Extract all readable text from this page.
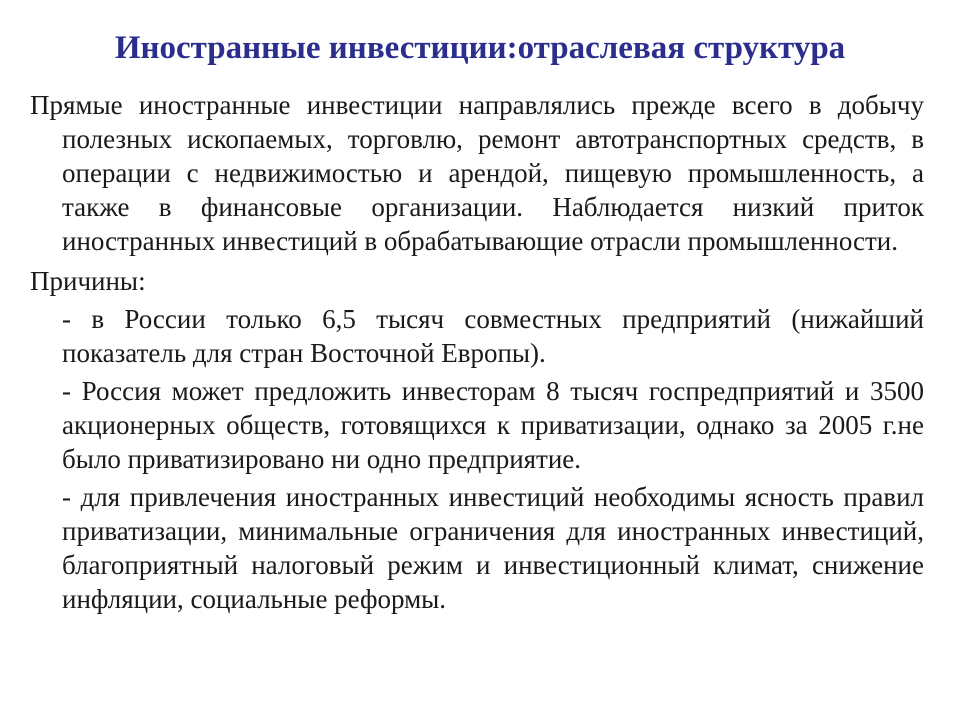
Иностранные инвестиции:отраслевая структура

Прямые иностранные инвестиции направлялись прежде всего в добычу полезных ископаемых, торговлю, ремонт автотранспортных средств, в операции с недвижимостью и арендой, пищевую промышленность, а также в финансовые организации. Наблюдается низкий приток иностранных инвестиций в обрабатывающие отрасли промышленности.

Причины:

- в России только 6,5 тысяч совместных предприятий (нижайший показатель для стран Восточной Европы).

- Россия может предложить инвесторам 8 тысяч госпредприятий и 3500 акционерных обществ, готовящихся к приватизации, однако за 2005 г.не было приватизировано ни одно предприятие.

- для привлечения иностранных инвестиций необходимы ясность правил приватизации, минимальные ограничения для иностранных инвестиций, благоприятный налоговый режим и инвестиционный климат, снижение инфляции, социальные реформы.
